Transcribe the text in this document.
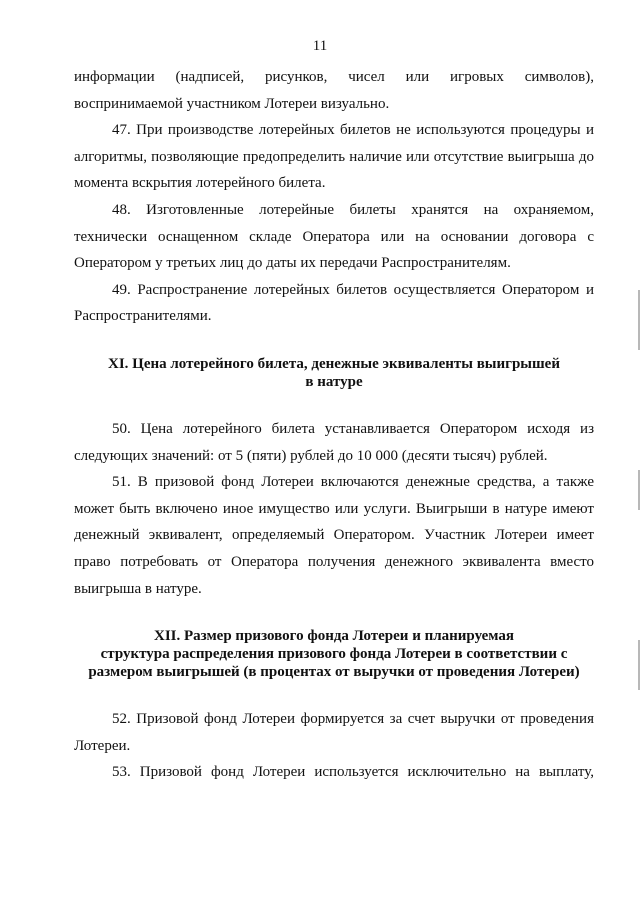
11

информации (надписей, рисунков, чисел или игровых символов),

воспринимаемой участником Лотереи визуально.

47. При производстве лотерейных билетов не используются процедуры и алгоритмы, позволяющие предопределить наличие или отсутствие выигрыша до момента вскрытия лотерейного билета.

48. Изготовленные лотерейные билеты хранятся на охраняемом, технически оснащенном складе Оператора или на основании договора с Оператором у третьих лиц до даты их передачи Распространителям.

49. Распространение лотерейных билетов осуществляется Оператором и Распространителями.

XI. Цена лотерейного билета, денежные эквиваленты выигрышей
в натуре

50. Цена лотерейного билета устанавливается Оператором исходя из следующих значений: от 5 (пяти) рублей до 10 000 (десяти тысяч) рублей.

51. В призовой фонд Лотереи включаются денежные средства, а также может быть включено иное имущество или услуги. Выигрыши в натуре имеют денежный эквивалент, определяемый Оператором. Участник Лотереи имеет право потребовать от Оператора получения денежного эквивалента вместо выигрыша в натуре.

XII. Размер призового фонда Лотереи и планируемая
структура распределения призового фонда Лотереи в соответствии с
размером выигрышей (в процентах от выручки от проведения Лотереи)

52. Призовой фонд Лотереи формируется за счет выручки от проведения Лотереи.

53. Призовой фонд Лотереи используется исключительно на выплату,
